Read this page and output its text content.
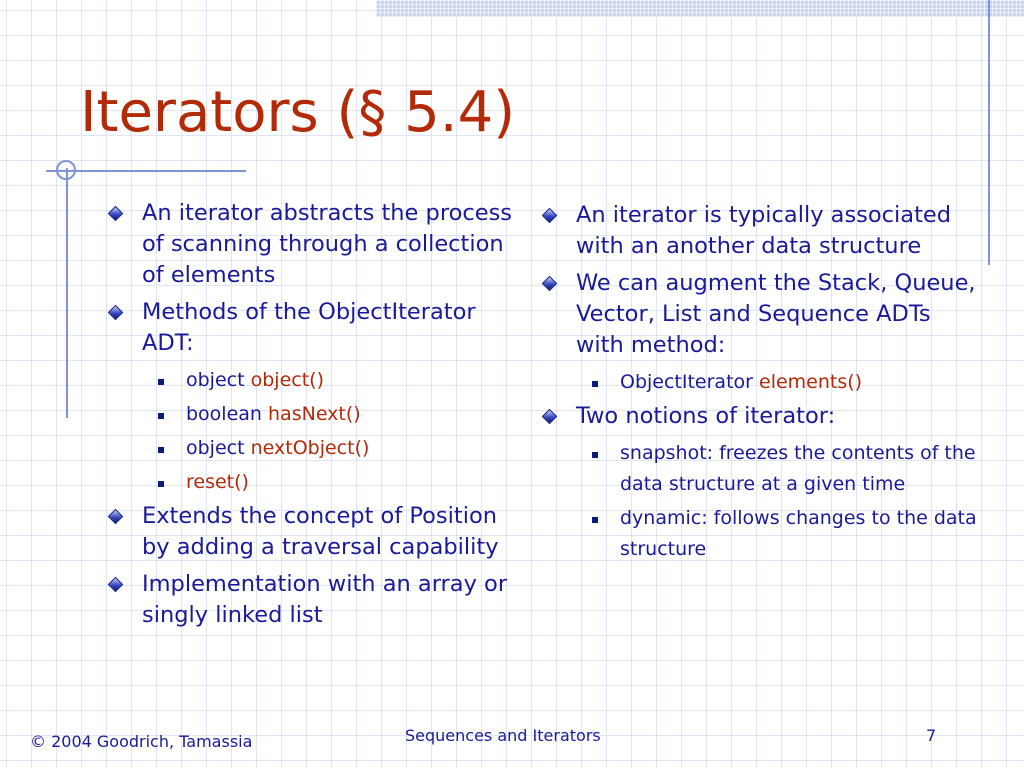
Iterators (§ 5.4)
An iterator abstracts the process of scanning through a collection of elements
Methods of the ObjectIterator ADT:
object object()
boolean hasNext()
object nextObject()
reset()
Extends the concept of Position by adding a traversal capability
Implementation with an array or singly linked list
An iterator is typically associated with an another data structure
We can augment the Stack, Queue, Vector, List and Sequence ADTs with method:
ObjectIterator elements()
Two notions of iterator:
snapshot: freezes the contents of the data structure at a given time
dynamic: follows changes to the data structure
© 2004 Goodrich, Tamassia	Sequences and Iterators	7
